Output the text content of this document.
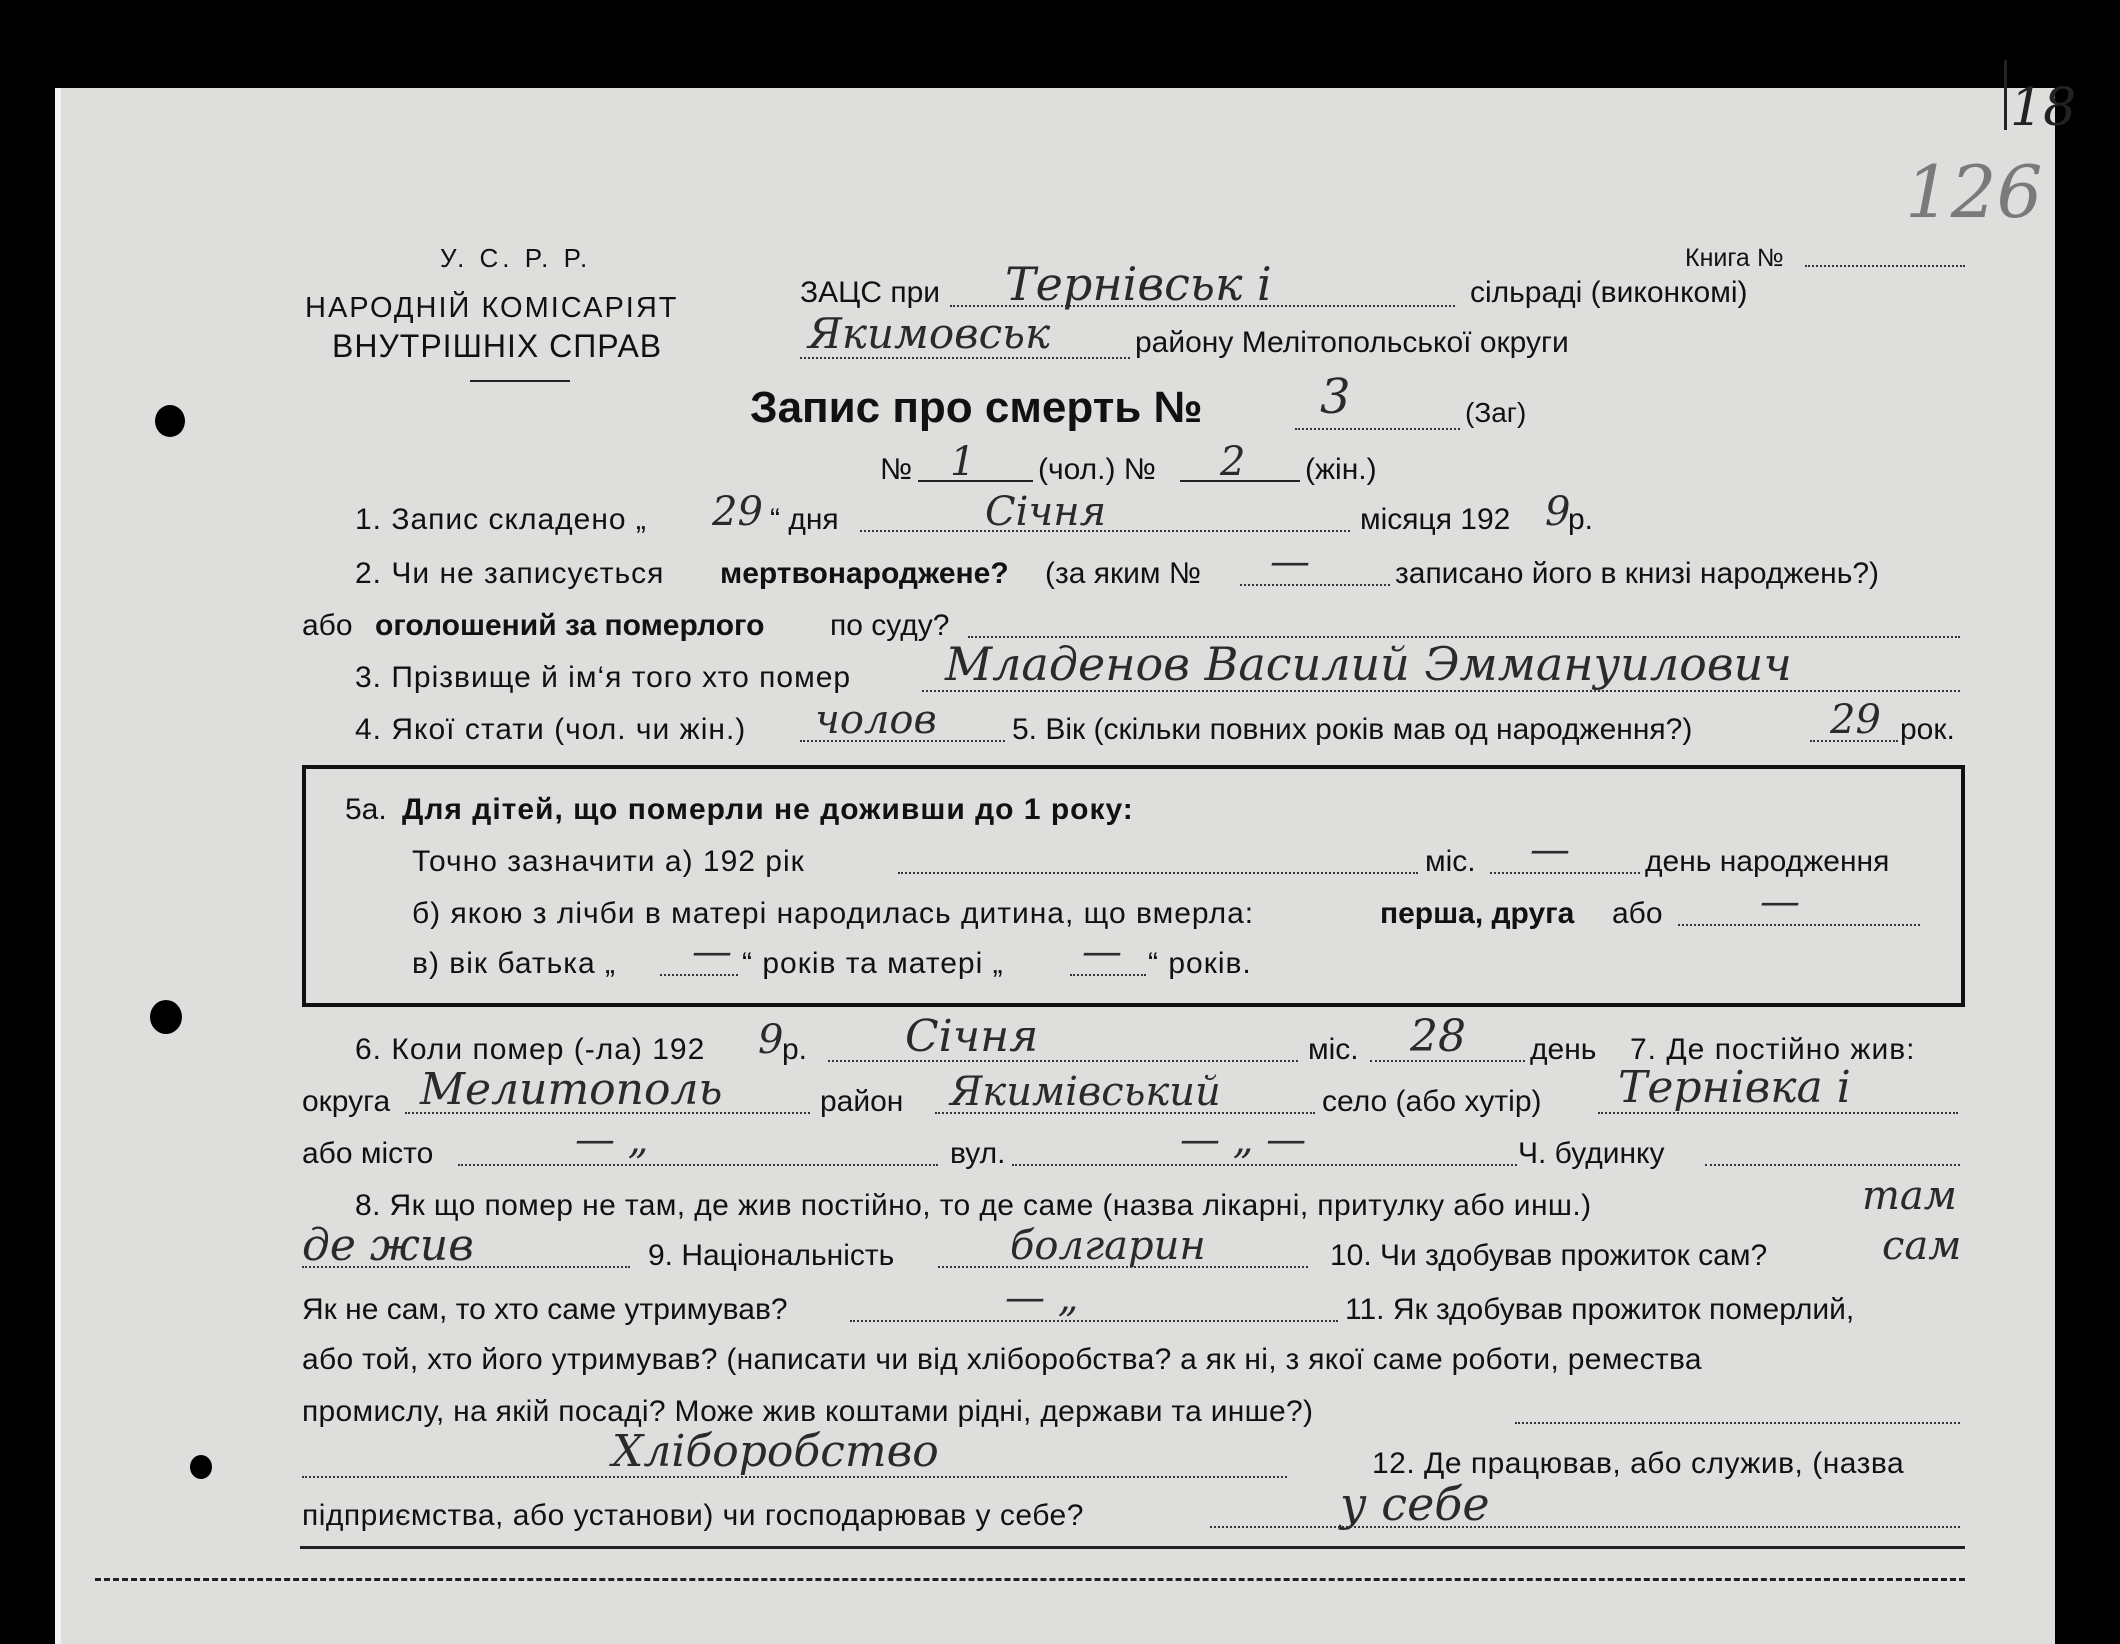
18
126
У. С. Р. Р.
НАРОДНІЙ КОМІСАРІЯТ
ВНУТРІШНІХ СПРАВ
Книга №
ЗАЦС при Тернівськ і	сільраді (виконкомі)
Якимовськ	району Мелітопольської округи
Запис про смерть № 3	(Заг)
№ 1 (чол.) № 2 (жін.)
1. Запис складено „ 29 “ дня	Січня	місяця 192 9
р.
2. Чи не записується мертвонароджене? (за яким № —	записано його в книзі народжень?)
або оголошений за померлого по суду?
3. Прізвище й ім‘я того хто помер Младенов Василий Эммануилович
4. Якої стати (чол. чи жін.) чолов	5. Вік (скільки повних років мав од народження?)	29 рок.
5а. Для дітей, що померли не доживши до 1 року:
Точно зазначити а) 192 рік	міс. —	день народження
б) якою з лічби в матері народилась дитина, що вмерла:	перша, друга або —
в) вік батька „ — “ років та матері „ — “ років.
6. Коли помер (-ла) 192 9
р. Січня	міс. 28 день 7. Де постійно жив:
округа Мелитополь	район Якимівський	село (або хутір) Тернівка і
або місто	— „	вул.	— „ —	Ч. будинку
8. Як що помер не там, де жив постійно, то де саме (назва лікарні, притулку або инш.)	там
де жив	9. Національність	болгарин	10. Чи здобував прожиток сам?	сам
Як не сам, то хто саме утримував?	— „	11. Як здобував прожиток померлий,
або той, хто його утримував? (написати чи від хліборобства? а як ні, з якої саме роботи, ремества
промислу, на якій посаді? Може жив коштами рідні, держави та инше?)
Хліборобство	12. Де працював, або служив, (назва
підприємства, або установи) чи господарював у себе?	у себе
